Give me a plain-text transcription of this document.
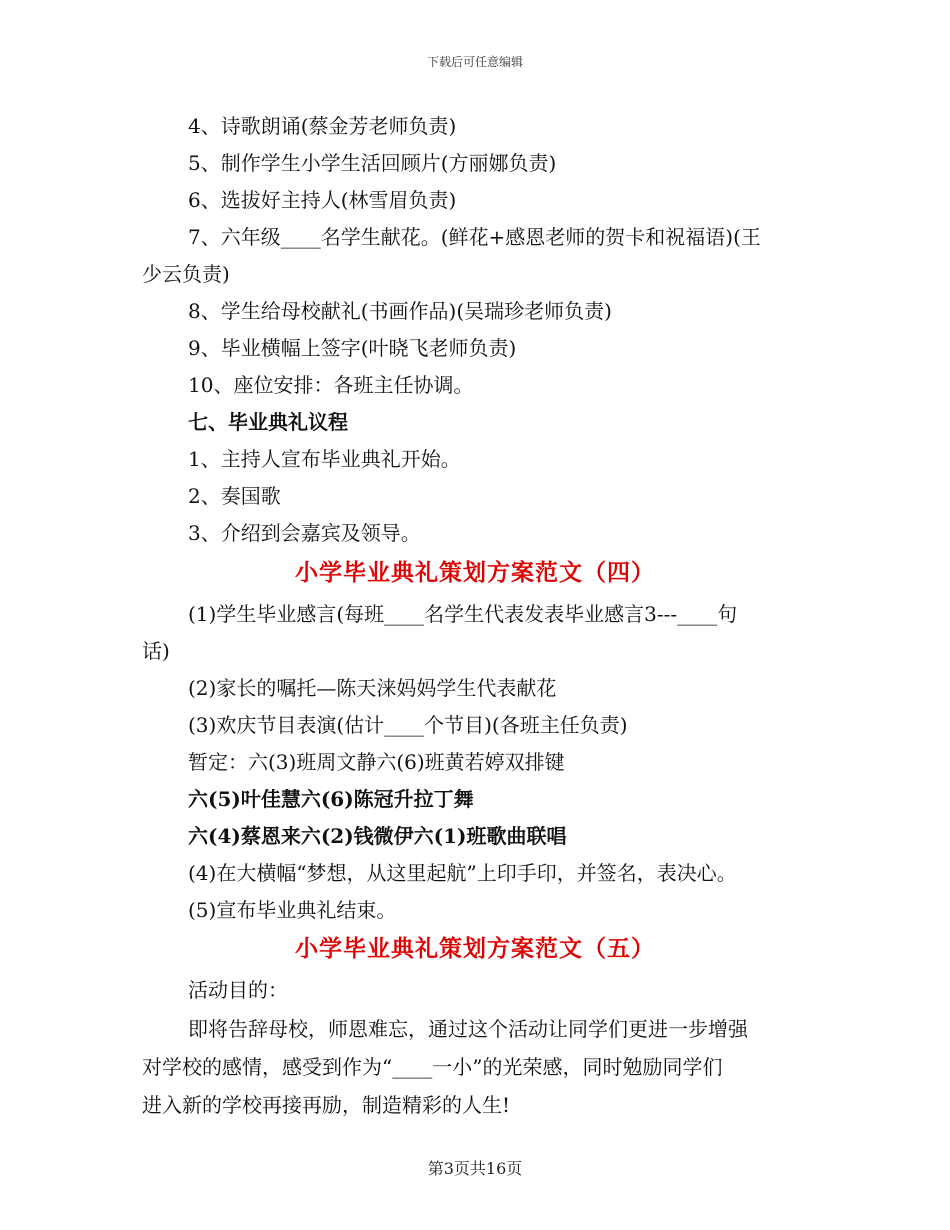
下载后可任意编辑
4、诗歌朗诵(蔡金芳老师负责)
5、制作学生小学生活回顾片(方丽娜负责)
6、选拔好主持人(林雪眉负责)
7、六年级____名学生献花。(鲜花+感恩老师的贺卡和祝福语)(王
少云负责)
8、学生给母校献礼(书画作品)(吴瑞珍老师负责)
9、毕业横幅上签字(叶晓飞老师负责)
10、座位安排：各班主任协调。
七、毕业典礼议程
1、主持人宣布毕业典礼开始。
2、奏国歌
3、介绍到会嘉宾及领导。
小学毕业典礼策划方案范文（四）
(1)学生毕业感言(每班____名学生代表发表毕业感言3---____句
话)
(2)家长的嘱托—陈天涞妈妈学生代表献花
(3)欢庆节目表演(估计____个节目)(各班主任负责)
暂定：六(3)班周文静六(6)班黄若婷双排键
六(5)叶佳慧六(6)陈冠升拉丁舞
六(4)蔡恩来六(2)钱微伊六(1)班歌曲联唱
(4)在大横幅“梦想，从这里起航”上印手印，并签名，表决心。
(5)宣布毕业典礼结束。
小学毕业典礼策划方案范文（五）
活动目的：
即将告辞母校，师恩难忘，通过这个活动让同学们更进一步增强
对学校的感情，感受到作为“____一小”的光荣感，同时勉励同学们
进入新的学校再接再励，制造精彩的人生!
第3页共16页
